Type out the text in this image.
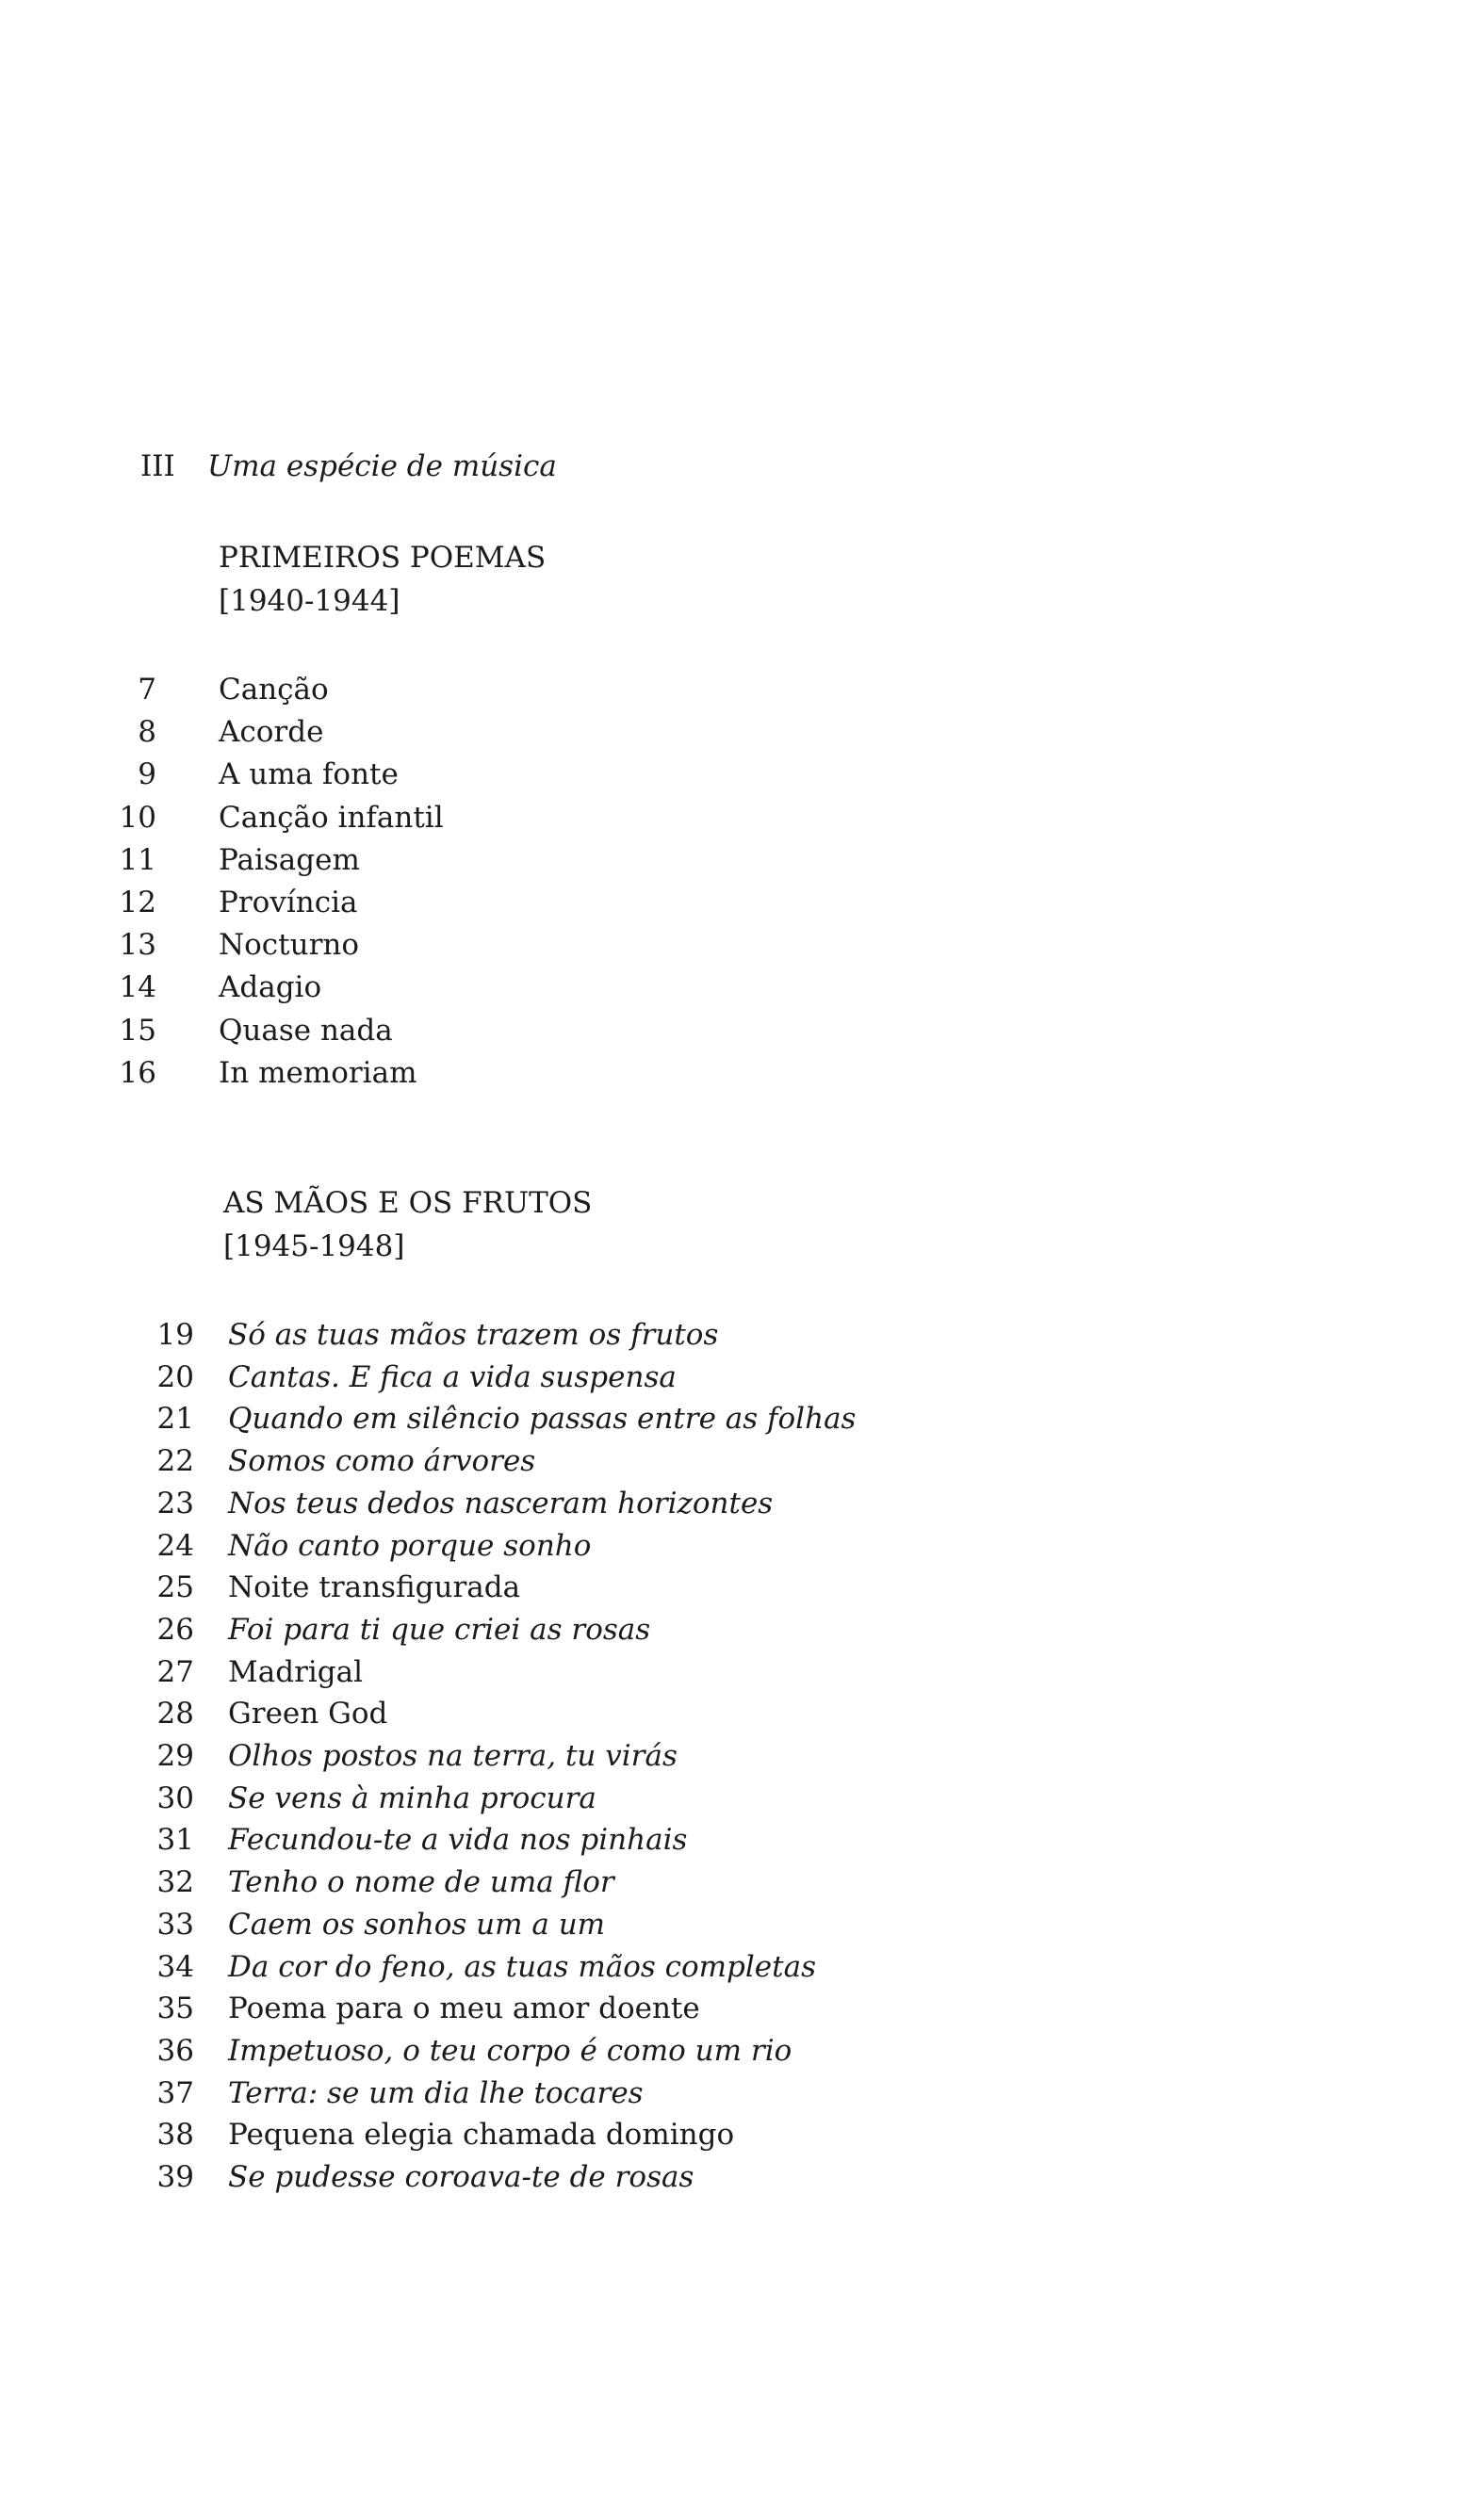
III Uma espécie de música
PRIMEIROS POEMAS
[1940-1944]
7 Canção
8 Acorde
9 A uma fonte
10 Canção infantil
11 Paisagem
12 Província
13 Nocturno
14 Adagio
15 Quase nada
16 In memoriam
AS MÃOS E OS FRUTOS
[1945-1948]
19 Só as tuas mãos trazem os frutos
20 Cantas. E fica a vida suspensa
21 Quando em silêncio passas entre as folhas
22 Somos como árvores
23 Nos teus dedos nasceram horizontes
24 Não canto porque sonho
25 Noite transfigurada
26 Foi para ti que criei as rosas
27 Madrigal
28 Green God
29 Olhos postos na terra, tu virás
30 Se vens à minha procura
31 Fecundou-te a vida nos pinhais
32 Tenho o nome de uma flor
33 Caem os sonhos um a um
34 Da cor do feno, as tuas mãos completas
35 Poema para o meu amor doente
36 Impetuoso, o teu corpo é como um rio
37 Terra: se um dia lhe tocares
38 Pequena elegia chamada domingo
39 Se pudesse coroava-te de rosas
